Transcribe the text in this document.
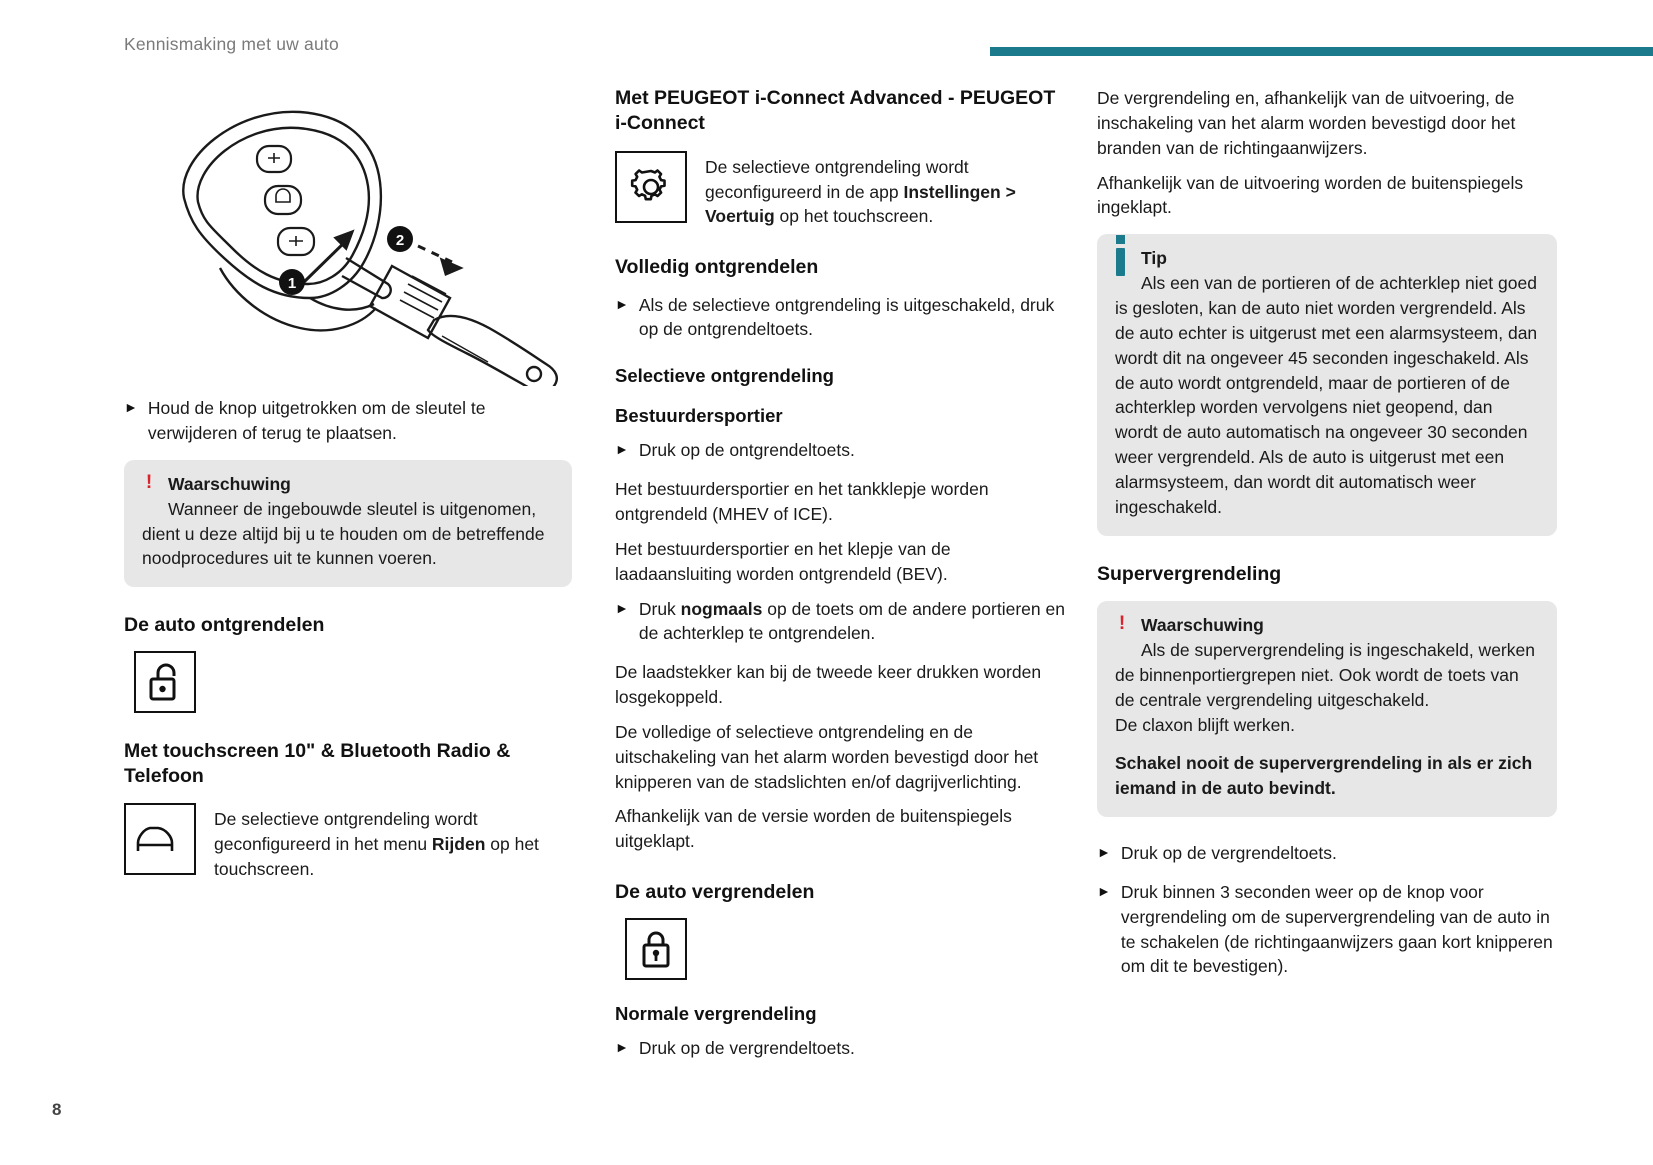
Kennismaking met uw auto
8
1
2
► Houd de knop uitgetrokken om de sleutel te verwijderen of terug te plaatsen.
! Waarschuwing
Wanneer de ingebouwde sleutel is uitgenomen, dient u deze altijd bij u te houden om de betreffende noodprocedures uit te kunnen voeren.
De auto ontgrendelen
Met touchscreen 10" & Bluetooth Radio & Telefoon
De selectieve ontgrendeling wordt geconfigureerd in het menu Rijden op het touchscreen.
Met PEUGEOT i-Connect Advanced - PEUGEOT i-Connect
De selectieve ontgrendeling wordt geconfigureerd in de app Instellingen > Voertuig op het touchscreen.
Volledig ontgrendelen
► Als de selectieve ontgrendeling is uitgeschakeld, druk op de ontgrendeltoets.
Selectieve ontgrendeling
Bestuurdersportier
► Druk op de ontgrendeltoets.

Het bestuurdersportier en het tankklepje worden ontgrendeld (MHEV of ICE).

Het bestuurdersportier en het klepje van de laadaansluiting worden ontgrendeld (BEV).

► Druk nogmaals op de toets om de andere portieren en de achterklep te ontgrendelen.

De laadstekker kan bij de tweede keer drukken worden losgekoppeld.

De volledige of selectieve ontgrendeling en de uitschakeling van het alarm worden bevestigd door het knipperen van de stadslichten en/of dagrijverlichting.

Afhankelijk van de versie worden de buitenspiegels uitgeklapt.

De auto vergrendelen
Normale vergrendeling
► Druk op de vergrendeltoets.

De vergrendeling en, afhankelijk van de uitvoering, de inschakeling van het alarm worden bevestigd door het branden van de richtingaanwijzers.

Afhankelijk van de uitvoering worden de buitenspiegels ingeklapt.

Tip
Als een van de portieren of de achterklep niet goed is gesloten, kan de auto niet worden vergrendeld. Als de auto echter is uitgerust met een alarmsysteem, dan wordt dit na ongeveer 45 seconden ingeschakeld. Als de auto wordt ontgrendeld, maar de portieren of de achterklep worden vervolgens niet geopend, dan wordt de auto automatisch na ongeveer 30 seconden weer vergrendeld. Als de auto is uitgerust met een alarmsysteem, dan wordt dit automatisch weer ingeschakeld.
Supervergrendeling
! Waarschuwing
Als de supervergrendeling is ingeschakeld, werken de binnenportiergrepen niet. Ook wordt de toets van de centrale vergrendeling uitgeschakeld.
De claxon blijft werken.
Schakel nooit de supervergrendeling in als er zich iemand in de auto bevindt.
► Druk op de vergrendeltoets.
► Druk binnen 3 seconden weer op de knop voor vergrendeling om de supervergrendeling van de auto in te schakelen (de richtingaanwijzers gaan kort knipperen om dit te bevestigen).
